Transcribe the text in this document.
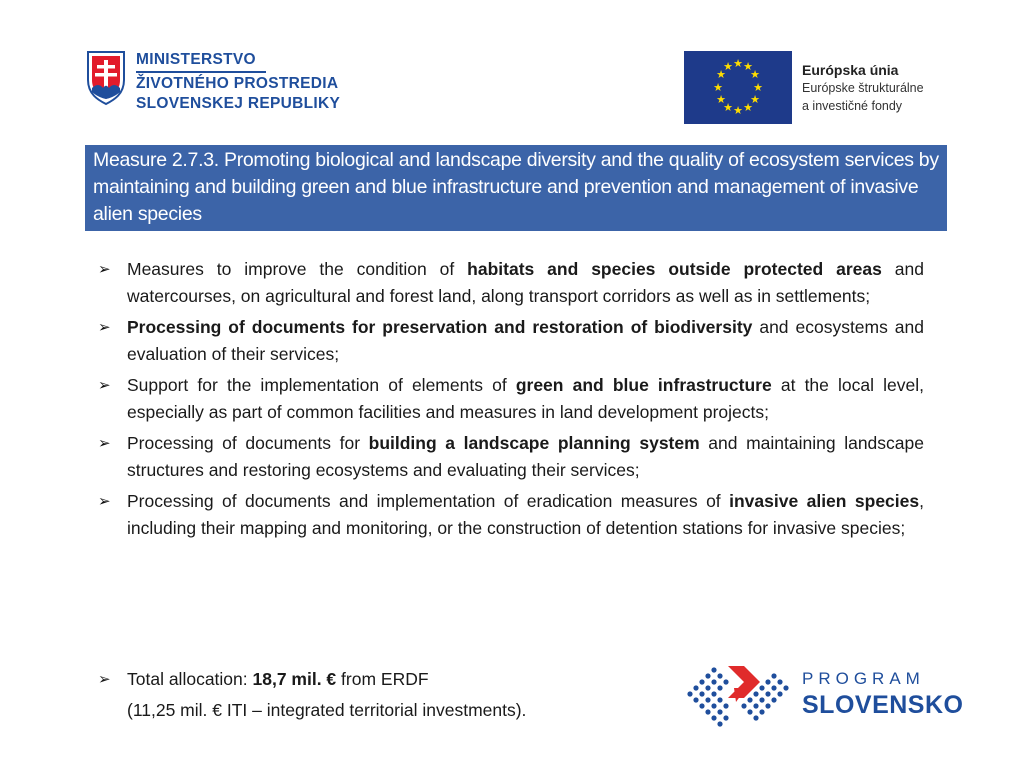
MINISTERSTVO
ŽIVOTNÉHO PROSTREDIA
SLOVENSKEJ REPUBLIKY
★ ★
★
★
★
★
★
★
★
★
★
★	Európska únia
Európske štrukturálne
a investičné fondy
Measure 2.7.3. Promoting biological and landscape diversity and the quality of ecosystem services by maintaining and building green and blue infrastructure and prevention and management of invasive alien species
➢ Measures to improve the condition of habitats and species outside protected areas and watercourses, on agricultural and forest land, along transport corridors as well as in settlements;
➢ Processing of documents for preservation and restoration of biodiversity and ecosystems and evaluation of their services;
➢ Support for the implementation of elements of green and blue infrastructure at the local level, especially as part of common facilities and measures in land development projects;
➢ Processing of documents for building a landscape planning system and maintaining landscape structures and restoring ecosystems and evaluating their services;
➢ Processing of documents and implementation of eradication measures of invasive alien species, including their mapping and monitoring, or the construction of detention stations for invasive species;
➢ Total allocation: 18,7 mil. € from ERDF
(11,25 mil. € ITI – integrated territorial investments).
PROGRAM
SLOVENSKO
